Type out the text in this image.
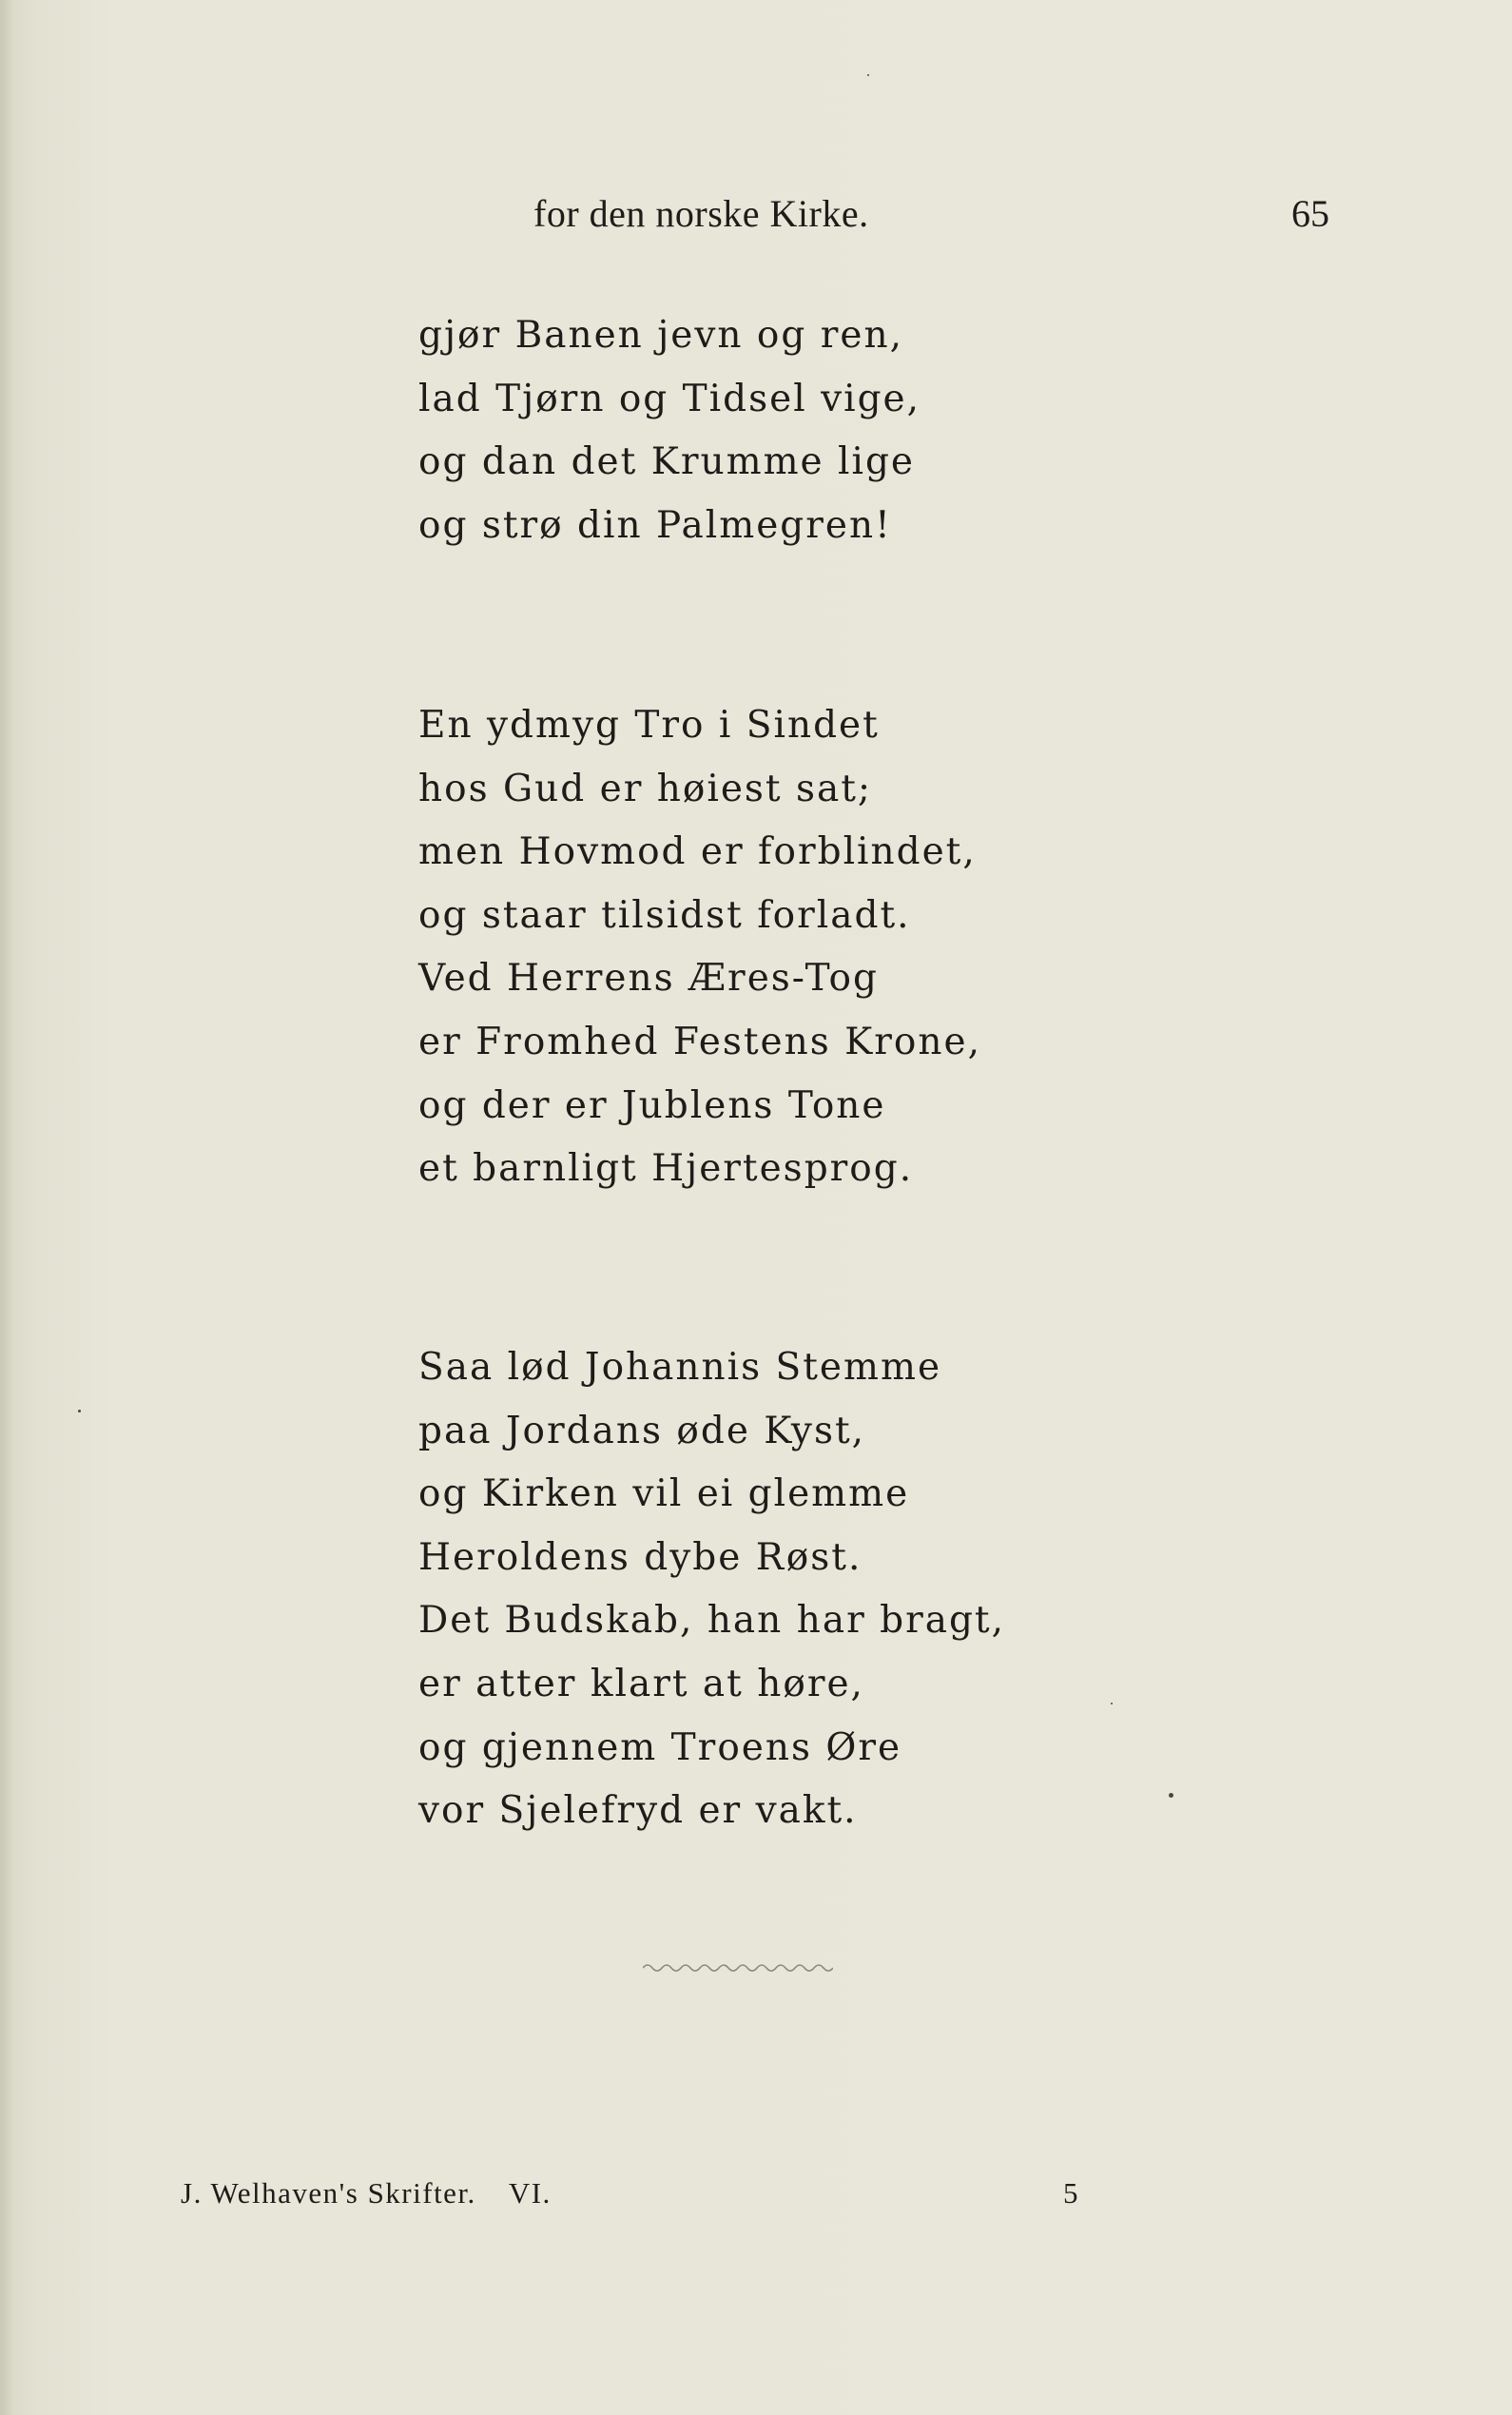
for den norske Kirke.	65
gjør Banen jevn og ren,
lad Tjørn og Tidsel vige,
og dan det Krumme lige
og strø din Palmegren!
En ydmyg Tro i Sindet
hos Gud er høiest sat;
men Hovmod er forblindet,
og staar tilsidst forladt.
Ved Herrens Æres-Tog
er Fromhed Festens Krone,
og der er Jublens Tone
et barnligt Hjertesprog.
Saa lød Johannis Stemme
paa Jordans øde Kyst,
og Kirken vil ei glemme
Heroldens dybe Røst.
Det Budskab, han har bragt,
er atter klart at høre,
og gjennem Troens Øre
vor Sjelefryd er vakt.
J. Welhaven's Skrifter. VI.	5
